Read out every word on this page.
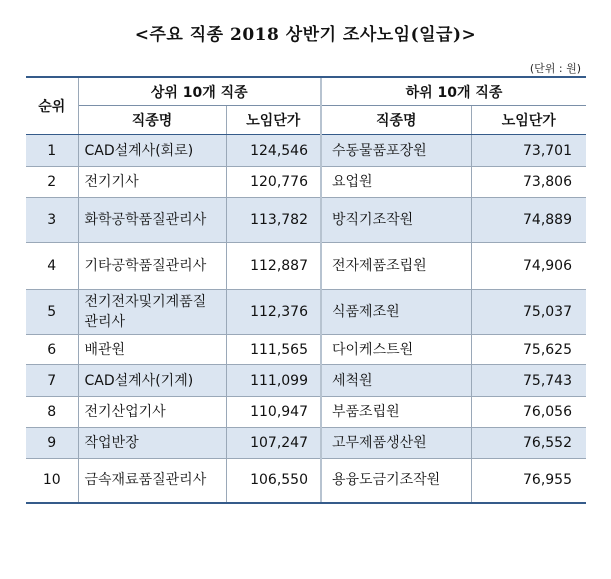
<주요 직종 2018 상반기 조사노임(일급)>
(단위 : 원)
순위	상위 10개 직종		하위 10개 직종	
	직종명	노임단가	직종명	노임단가
1	CAD설계사(회로)	124,546	수동물품포장원	73,701
2	전기기사	120,776	요업원	73,806
3	화학공학품질관리사	113,782	방직기조작원	74,889
4	기타공학품질관리사	112,887	전자제품조립원	74,906
5	전기전자및기계품질관리사	112,376	식품제조원	75,037
6	배관원	111,565	다이케스트원	75,625
7	CAD설계사(기계)	111,099	세척원	75,743
8	전기산업기사	110,947	부품조립원	76,056
9	작업반장	107,247	고무제품생산원	76,552
10	금속재료품질관리사	106,550	용융도금기조작원	76,955
